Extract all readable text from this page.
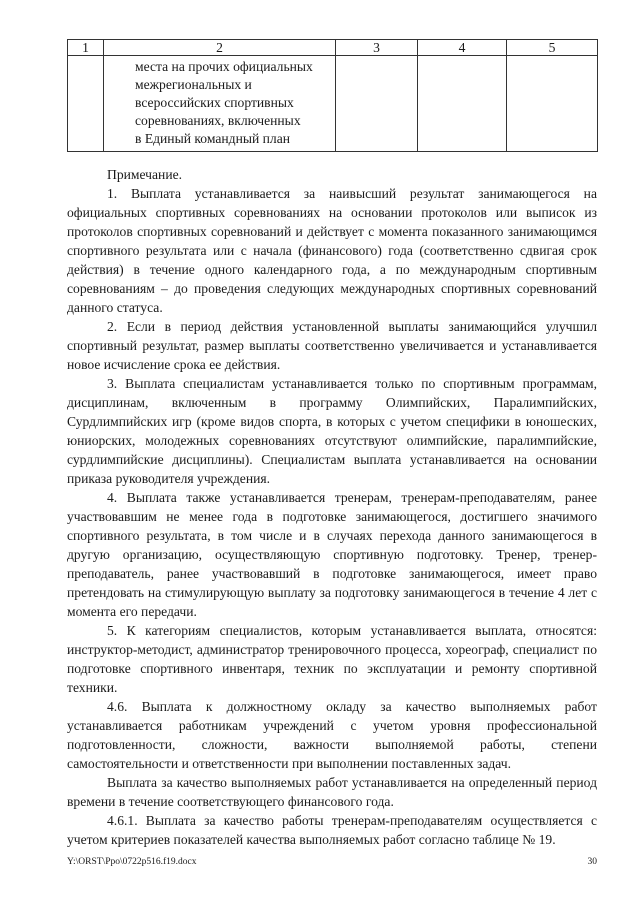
1	2	3	4	5

	места на прочих официальных
межрегиональных и
всероссийских спортивных
соревнованиях, включенных
в Единый командный план			

Примечание.

1. Выплата устанавливается за наивысший результат занимающегося на официальных спортивных соревнованиях на основании протоколов или выписок из протоколов спортивных соревнований и действует с момента показанного занимающимся спортивного результата или с начала (финансового) года (соответственно сдвигая срок действия) в течение одного календарного года, а по международным спортивным соревнованиям – до проведения следующих международных спортивных соревнований данного статуса.

2. Если в период действия установленной выплаты занимающийся улучшил спортивный результат, размер выплаты соответственно увеличивается и устанавливается новое исчисление срока ее действия.

3. Выплата специалистам устанавливается только по спортивным программам, дисциплинам, включенным в программу Олимпийских, Паралимпийских, Сурдлимпийских игр (кроме видов спорта, в которых с учетом специфики в юношеских, юниорских, молодежных соревнованиях отсутствуют олимпийские, паралимпийские, сурдлимпийские дисциплины). Специалистам выплата устанавливается на основании приказа руководителя учреждения.

4. Выплата также устанавливается тренерам, тренерам-преподавателям, ранее участвовавшим не менее года в подготовке занимающегося, достигшего значимого спортивного результата, в том числе и в случаях перехода данного занимающегося в другую организацию, осуществляющую спортивную подготовку. Тренер, тренер-преподаватель, ранее участвовавший в подготовке занимающегося, имеет право претендовать на стимулирующую выплату за подготовку занимающегося в течение 4 лет с момента его передачи.

5. К категориям специалистов, которым устанавливается выплата, относятся: инструктор-методист, администратор тренировочного процесса, хореограф, специалист по подготовке спортивного инвентаря, техник по эксплуатации и ремонту спортивной техники.

4.6. Выплата к должностному окладу за качество выполняемых работ устанавливается работникам учреждений с учетом уровня профессиональной подготовленности, сложности, важности выполняемой работы, степени самостоятельности и ответственности при выполнении поставленных задач.

Выплата за качество выполняемых работ устанавливается на определенный период времени в течение соответствующего финансового года.

4.6.1. Выплата за качество работы тренерам-преподавателям осуществляется с учетом критериев показателей качества выполняемых работ согласно таблице № 19.

Y:\ORST\Ppo\0722p516.f19.docx	30
